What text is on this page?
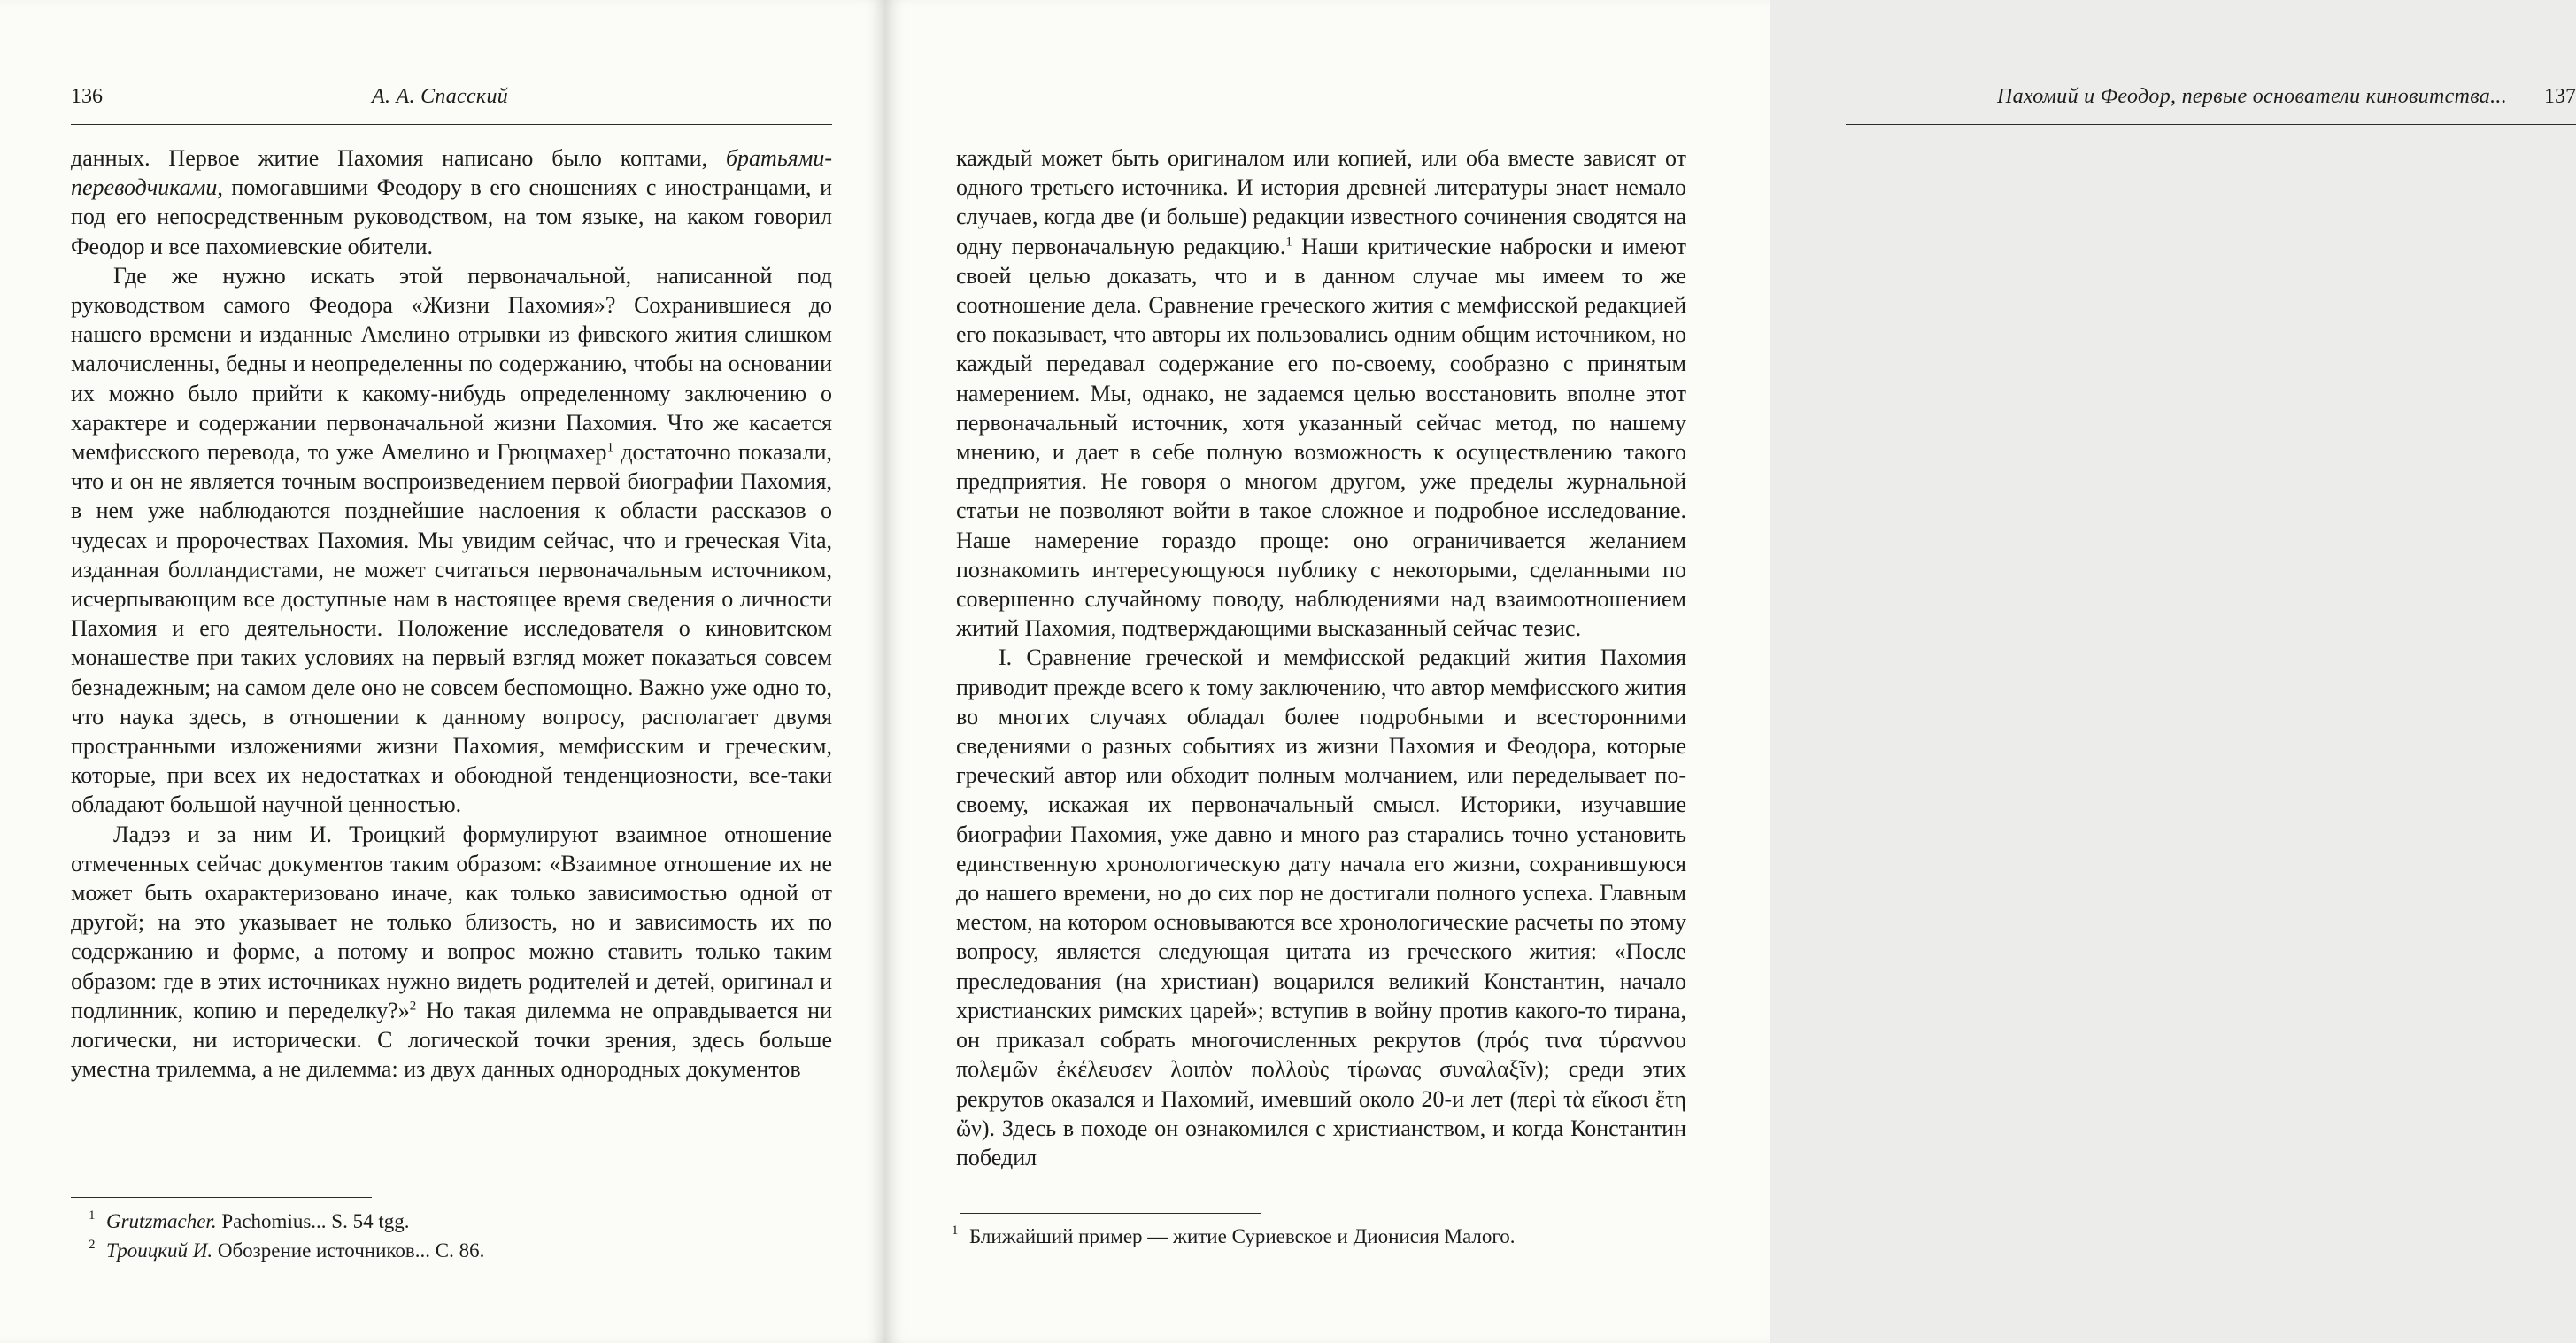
136	А. А. Спасский

данных. Первое житие Пахомия написано было коптами, братьями-переводчиками, помогавшими Феодору в его сношениях с иностранцами, и под его непосредственным руководством, на том языке, на каком говорил Феодор и все пахомиевские обители.

Где же нужно искать этой первоначальной, написанной под руководством самого Феодора «Жизни Пахомия»? Сохранившиеся до нашего времени и изданные Амелино отрывки из фивского жития слишком малочисленны, бедны и неопределенны по содержанию, чтобы на основании их можно было прийти к какому-нибудь определенному заключению о характере и содержании первоначальной жизни Пахомия. Что же касается мемфисского перевода, то уже Амелино и Грюцмахер$^1$ достаточно показали, что и он не является точным воспроизведением первой биографии Пахомия, в нем уже наблюдаются позднейшие наслоения к области рассказов о чудесах и пророчествах Пахомия. Мы увидим сейчас, что и греческая Vita, изданная болландистами, не может считаться первоначальным источником, исчерпывающим все доступные нам в настоящее время сведения о личности Пахомия и его деятельности. Положение исследователя о киновитском монашестве при таких условиях на первый взгляд может показаться совсем безнадежным; на самом деле оно не совсем беспомощно. Важно уже одно то, что наука здесь, в отношении к данному вопросу, располагает двумя пространными изложениями жизни Пахомия, мемфисским и греческим, которые, при всех их недостатках и обоюдной тенденциозности, все-таки обладают большой научной ценностью.

Ладэз и за ним И. Троицкий формулируют взаимное отношение отмеченных сейчас документов таким образом: «Взаимное отношение их не может быть охарактеризовано иначе, как только зависимостью одной от другой; на это указывает не только близость, но и зависимость их по содержанию и форме, а потому и вопрос можно ставить только таким образом: где в этих источниках нужно видеть родителей и детей, оригинал и подлинник, копию и переделку?»$^2$ Но такая дилемма не оправдывается ни логически, ни исторически. С логической точки зрения, здесь больше уместна трилемма, а не дилемма: из двух данных однородных документов

1 Grutzmacher. Pachomius... S. 54 tgg.
2 Троицкий И. Обозрение источников... С. 86.
Пахомий и Феодор, первые основатели киновитства... 137

каждый может быть оригиналом или копией, или оба вместе зависят от одного третьего источника. И история древней литературы знает немало случаев, когда две (и больше) редакции известного сочинения сводятся на одну первоначальную редакцию.$^1$ Наши критические наброски и имеют своей целью доказать, что и в данном случае мы имеем то же соотношение дела. Сравнение греческого жития с мемфисской редакцией его показывает, что авторы их пользовались одним общим источником, но каждый передавал содержание его по-своему, сообразно с принятым намерением. Мы, однако, не задаемся целью восстановить вполне этот первоначальный источник, хотя указанный сейчас метод, по нашему мнению, и дает в себе полную возможность к осуществлению такого предприятия. Не говоря о многом другом, уже пределы журнальной статьи не позволяют войти в такое сложное и подробное исследование. Наше намерение гораздо проще: оно ограничивается желанием познакомить интересующуюся публику с некоторыми, сделанными по совершенно случайному поводу, наблюдениями над взаимоотношением житий Пахомия, подтверждающими высказанный сейчас тезис.

I. Сравнение греческой и мемфисской редакций жития Пахомия приводит прежде всего к тому заключению, что автор мемфисского жития во многих случаях обладал более подробными и всесторонними сведениями о разных событиях из жизни Пахомия и Феодора, которые греческий автор или обходит полным молчанием, или переделывает по-своему, искажая их первоначальный смысл. Историки, изучавшие биографии Пахомия, уже давно и много раз старались точно установить единственную хронологическую дату начала его жизни, сохранившуюся до нашего времени, но до сих пор не достигали полного успеха. Главным местом, на котором основываются все хронологические расчеты по этому вопросу, является следующая цитата из греческого жития: «После преследования (на христиан) воцарился великий Константин, начало христианских римских царей»; вступив в войну против какого-то тирана, он приказал собрать многочисленных рекрутов (πρός τινα τύραννου πολεμῶν ἐκέλευσεν λοιπὸν πολλοὺς τίρωνας συναλαξῖν); среди этих рекрутов оказался и Пахомий, имевший около 20-и лет (περὶ τὰ εἴκοσι ἔτη ὤν). Здесь в походе он ознакомился с христианством, и когда Константин победил

1 Ближайший пример — житие Суриевское и Дионисия Малого.
